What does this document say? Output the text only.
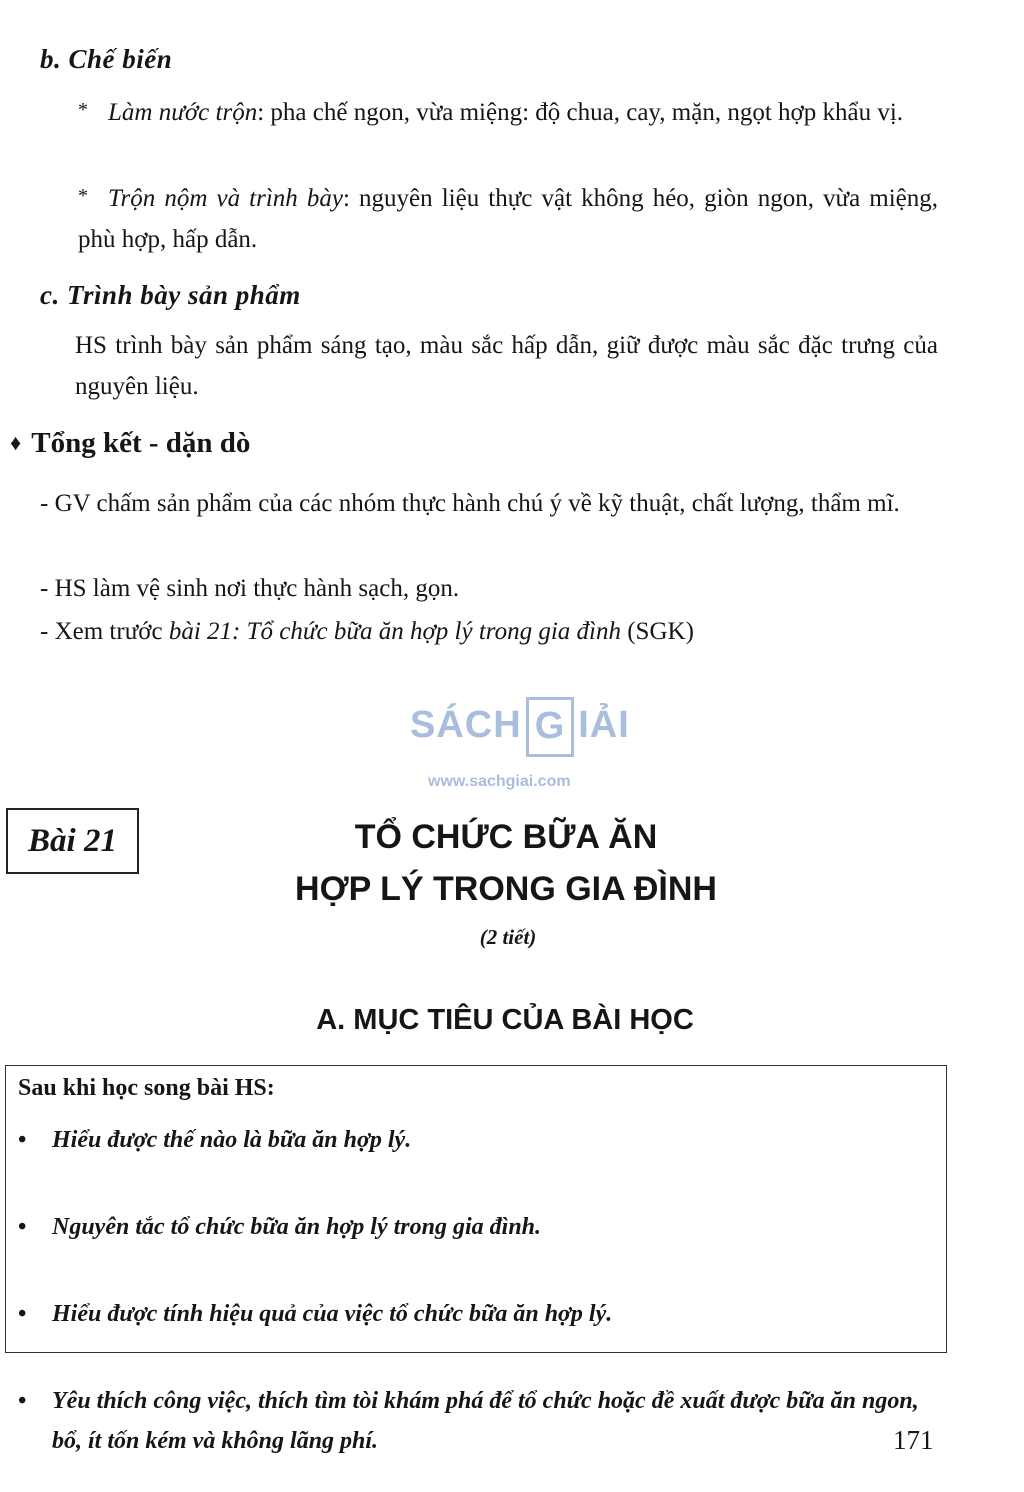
b. Chế biến
* Làm nước trộn: pha chế ngon, vừa miệng: độ chua, cay, mặn, ngọt hợp khẩu vị.
* Trộn nộm và trình bày: nguyên liệu thực vật không héo, giòn ngon, vừa miệng, phù hợp, hấp dẫn.
c. Trình bày sản phẩm
HS trình bày sản phẩm sáng tạo, màu sắc hấp dẫn, giữ được màu sắc đặc trưng của nguyên liệu.
♦ Tổng kết - dặn dò
- GV chấm sản phẩm của các nhóm thực hành chú ý về kỹ thuật, chất lượng, thẩm mĩ.
- HS làm vệ sinh nơi thực hành sạch, gọn.
- Xem trước bài 21: Tổ chức bữa ăn hợp lý trong gia đình (SGK)
SÁCH G IẢI
www.sachgiai.com
Bài 21	TỔ CHỨC BỮA ĂN
HỢP LÝ TRONG GIA ĐÌNH
(2 tiết)
A. MỤC TIÊU CỦA BÀI HỌC
Sau khi học song bài HS:
• Hiểu được thế nào là bữa ăn hợp lý.
• Nguyên tắc tổ chức bữa ăn hợp lý trong gia đình.
• Hiểu được tính hiệu quả của việc tổ chức bữa ăn hợp lý.
• Yêu thích công việc, thích tìm tòi khám phá để tổ chức hoặc đề xuất được bữa ăn ngon, bổ, ít tốn kém và không lãng phí.	171
